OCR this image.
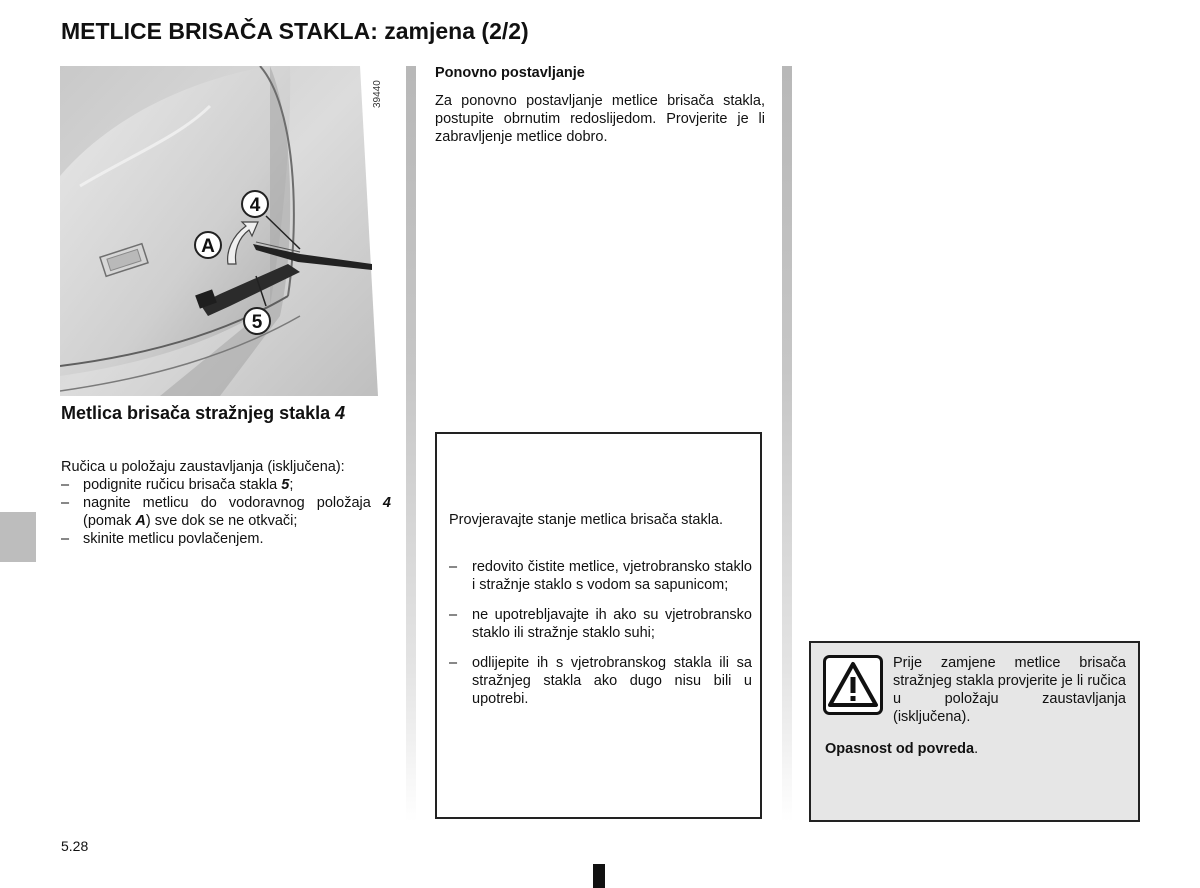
METLICE BRISAČA STAKLA: zamjena (2/2)
4
A
5
39440
Metlica brisača stražnjeg stakla 4
Ručica u položaju zaustavljanja (isključena):
– podignite ručicu brisača stakla 5;
– nagnite metlicu do vodoravnog položaja 4 (pomak A) sve dok se ne otkvači;
– skinite metlicu povlačenjem.
Ponovno postavljanje
Za ponovno postavljanje metlice brisača stakla, postupite obrnutim redoslijedom. Provjerite je li zabravljenje metlice dobro.
Provjeravajte stanje metlica brisača stakla.
– redovito čistite metlice, vjetrobransko staklo i stražnje staklo s vodom sa sapunicom;
– ne upotrebljavajte ih ako su vjetrobransko staklo ili stražnje staklo suhi;
– odlijepite ih s vjetrobranskog stakla ili sa stražnjeg stakla ako dugo nisu bili u upotrebi.
Prije zamjene metlice brisača stražnjeg stakla provjerite je li ručica u položaju zaustavljanja (isključena).
Opasnost od povreda.
5.28
